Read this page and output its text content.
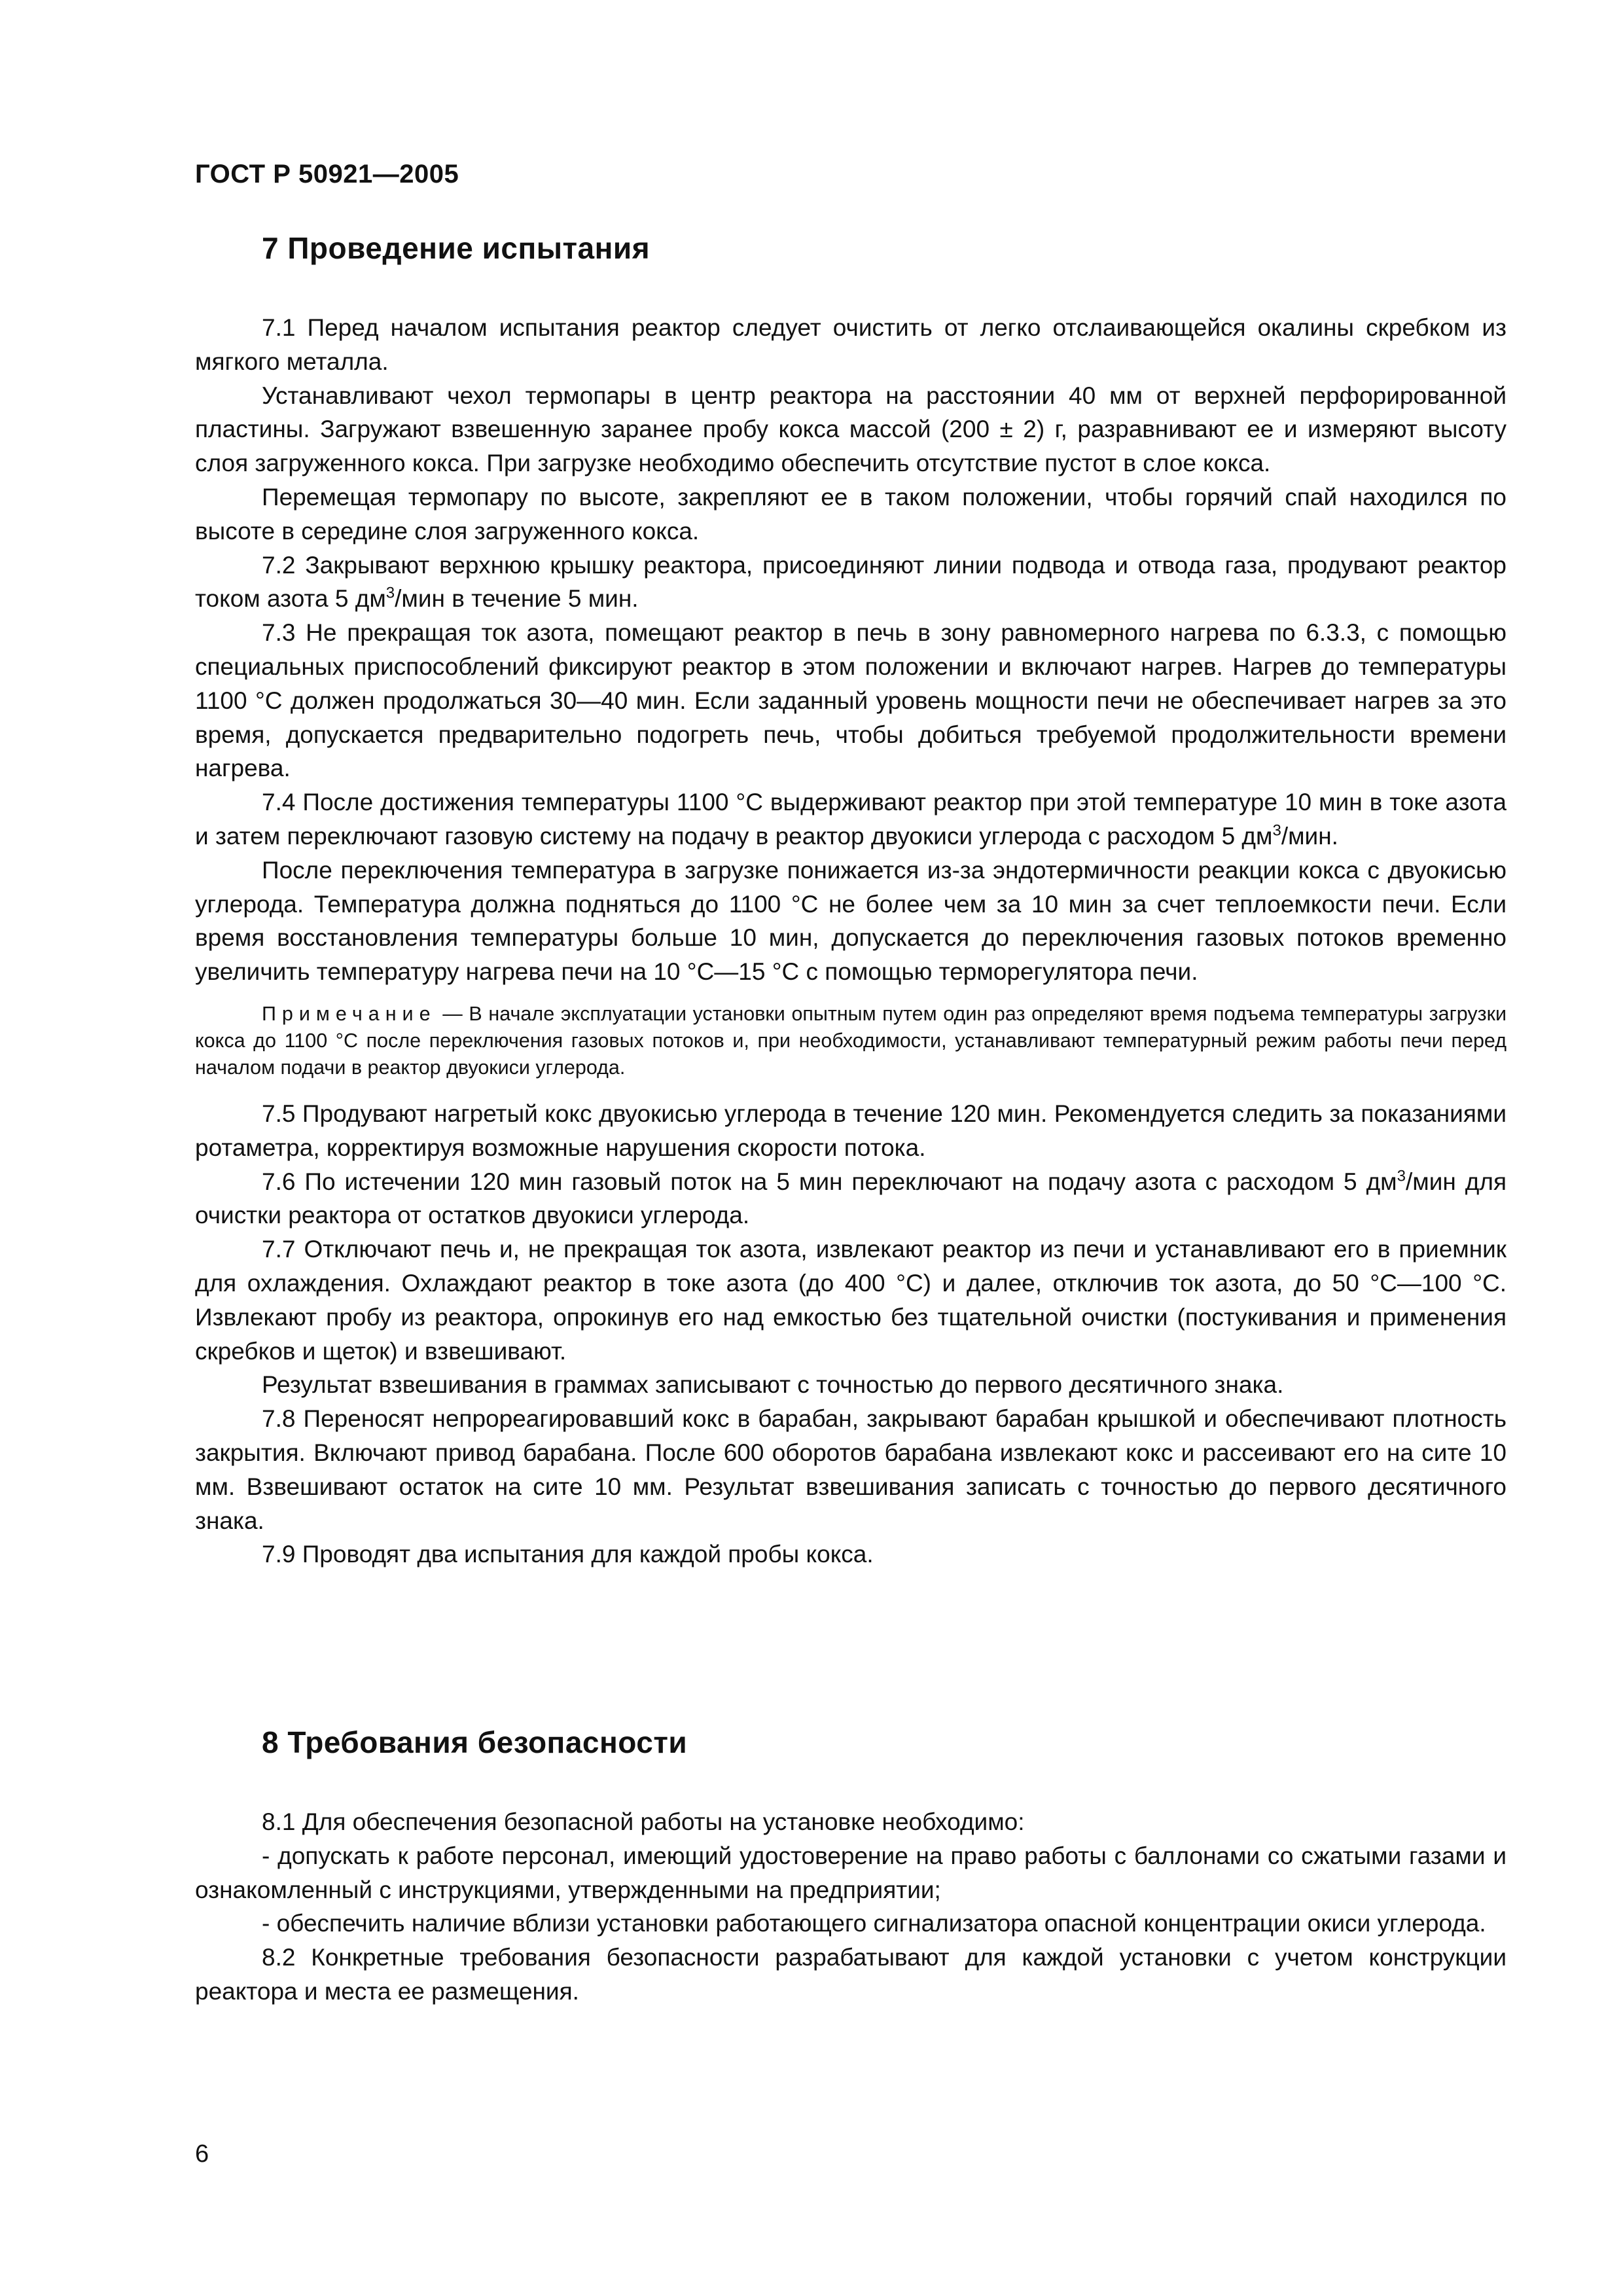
ГОСТ Р 50921—2005
7 Проведение испытания

7.1 Перед началом испытания реактор следует очистить от легко отслаивающейся окалины скребком из мягкого металла.

Устанавливают чехол термопары в центр реактора на расстоянии 40 мм от верхней перфорированной пластины. Загружают взвешенную заранее пробу кокса массой (200 ± 2) г, разравнивают ее и измеряют высоту слоя загруженного кокса. При загрузке необходимо обеспечить отсутствие пустот в слое кокса.

Перемещая термопару по высоте, закрепляют ее в таком положении, чтобы горячий спай находился по высоте в середине слоя загруженного кокса.

7.2 Закрывают верхнюю крышку реактора, присоединяют линии подвода и отвода газа, продувают реактор током азота 5 $дм^3$/мин в течение 5 мин.

7.3 Не прекращая ток азота, помещают реактор в печь в зону равномерного нагрева по 6.3.3, с помощью специальных приспособлений фиксируют реактор в этом положении и включают нагрев. Нагрев до температуры 1100 °С должен продолжаться 30—40 мин. Если заданный уровень мощности печи не обеспечивает нагрев за это время, допускается предварительно подогреть печь, чтобы добиться требуемой продолжительности времени нагрева.

7.4 После достижения температуры 1100 °С выдерживают реактор при этой температуре 10 мин в токе азота и затем переключают газовую систему на подачу в реактор двуокиси углерода с расходом 5 $дм^3$/мин.

После переключения температура в загрузке понижается из-за эндотермичности реакции кокса с двуокисью углерода. Температура должна подняться до 1100 °С не более чем за 10 мин за счет теплоемкости печи. Если время восстановления температуры больше 10 мин, допускается до переключения газовых потоков временно увеличить температуру нагрева печи на 10 °С—15 °С с помощью терморегулятора печи.

Примечание — В начале эксплуатации установки опытным путем один раз определяют время подъема температуры загрузки кокса до 1100 °С после переключения газовых потоков и, при необходимости, устанавливают температурный режим работы печи перед началом подачи в реактор двуокиси углерода.

7.5 Продувают нагретый кокс двуокисью углерода в течение 120 мин. Рекомендуется следить за показаниями ротаметра, корректируя возможные нарушения скорости потока.

7.6 По истечении 120 мин газовый поток на 5 мин переключают на подачу азота с расходом 5 $дм^3$/мин для очистки реактора от остатков двуокиси углерода.

7.7 Отключают печь и, не прекращая ток азота, извлекают реактор из печи и устанавливают его в приемник для охлаждения. Охлаждают реактор в токе азота (до 400 °С) и далее, отключив ток азота, до 50 °С—100 °С. Извлекают пробу из реактора, опрокинув его над емкостью без тщательной очистки (постукивания и применения скребков и щеток) и взвешивают.

Результат взвешивания в граммах записывают с точностью до первого десятичного знака.

7.8 Переносят непрореагировавший кокс в барабан, закрывают барабан крышкой и обеспечивают плотность закрытия. Включают привод барабана. После 600 оборотов барабана извлекают кокс и рассеивают его на сите 10 мм. Взвешивают остаток на сите 10 мм. Результат взвешивания записать с точностью до первого десятичного знака.

7.9 Проводят два испытания для каждой пробы кокса.

8 Требования безопасности

8.1 Для обеспечения безопасной работы на установке необходимо:

- допускать к работе персонал, имеющий удостоверение на право работы с баллонами со сжатыми газами и ознакомленный с инструкциями, утвержденными на предприятии;

- обеспечить наличие вблизи установки работающего сигнализатора опасной концентрации окиси углерода.

8.2 Конкретные требования безопасности разрабатывают для каждой установки с учетом конструкции реактора и места ее размещения.

6
